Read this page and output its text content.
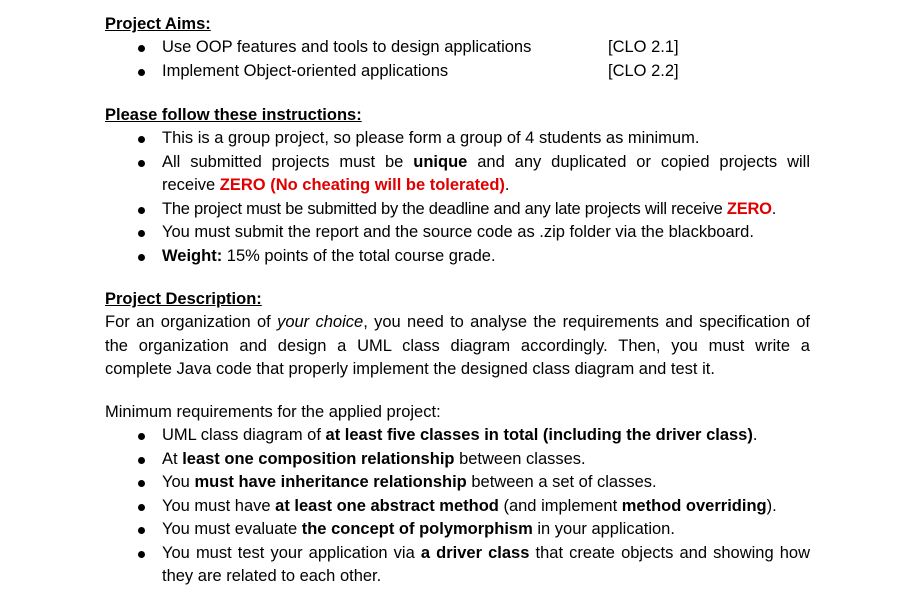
Project Aims:
Use OOP features and tools to design applications	[CLO 2.1]
Implement Object-oriented applications	[CLO 2.2]
Please follow these instructions:
This is a group project, so please form a group of 4 students as minimum.
All submitted projects must be unique and any duplicated or copied projects will
receive ZERO (No cheating will be tolerated).
The project must be submitted by the deadline and any late projects will receive ZERO.
You must submit the report and the source code as .zip folder via the blackboard.
Weight: 15% points of the total course grade.
Project Description:
For an organization of your choice, you need to analyse the requirements and specification of
the organization and design a UML class diagram accordingly. Then, you must write a
complete Java code that properly implement the designed class diagram and test it.
Minimum requirements for the applied project:
UML class diagram of at least five classes in total (including the driver class).
At least one composition relationship between classes.
You must have inheritance relationship between a set of classes.
You must have at least one abstract method (and implement method overriding).
You must evaluate the concept of polymorphism in your application.
You must test your application via a driver class that create objects and showing how
they are related to each other.
